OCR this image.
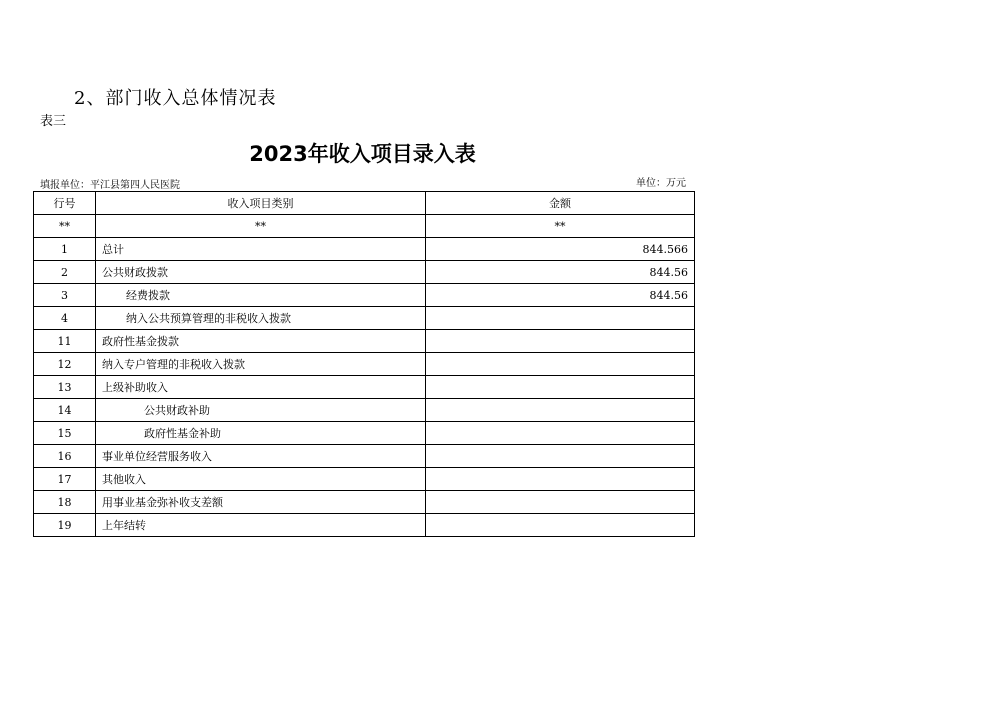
2、部门收入总体情况表
表三
2023年收入项目录入表
填报单位：平江县第四人民医院	单位：万元
行号	收入项目类别	金额
**	**	**
1	总计	844.566
2	公共财政拨款	844.56
3	经费拨款	844.56
4	纳入公共预算管理的非税收入拨款	
11	政府性基金拨款	
12	纳入专户管理的非税收入拨款	
13	上级补助收入	
14	公共财政补助	
15	政府性基金补助	
16	事业单位经营服务收入	
17	其他收入	
18	用事业基金弥补收支差额	
19	上年结转	
